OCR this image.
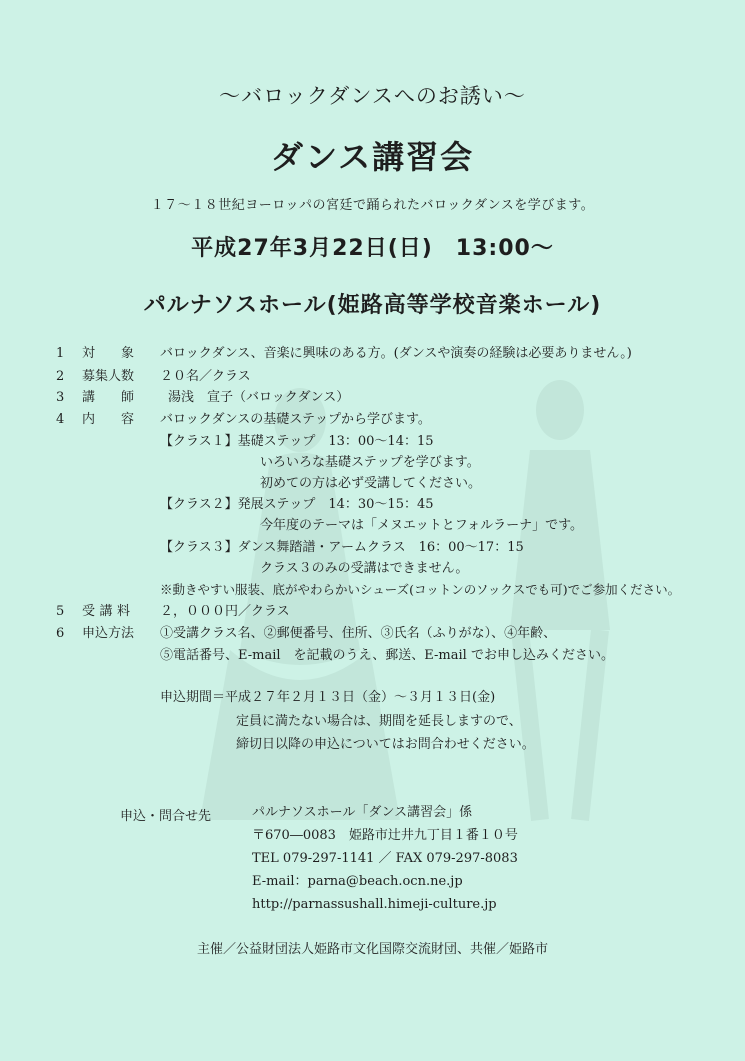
～バロックダンスへのお誘い～
ダンス講習会
１７～１８世紀ヨーロッパの宮廷で踊られたバロックダンスを学びます。
平成27年3月22日(日)　13:00～
パルナソスホール(姫路高等学校音楽ホール)
1	対　　象 バロックダンス、音楽に興味のある方。(ダンスや演奏の経験は必要ありません。)
2	募集人数 ２０名／クラス
3	講　　師	湯浅　宣子（バロックダンス）
4	内　　容 バロックダンスの基礎ステップから学びます。
【クラス１】基礎ステップ　13：00～14：15
いろいろな基礎ステップを学びます。
初めての方は必ず受講してください。
【クラス２】発展ステップ　14：30～15：45
今年度のテーマは「メヌエットとフォルラーナ」です。
【クラス３】ダンス舞踏譜・アームクラス　16：00～17：15
クラス３のみの受講はできません。
※動きやすい服装、底がやわらかいシューズ(コットンのソックスでも可)でご参加ください。
5	受講料 ２，０００円／クラス
6	申込方法 ①受講クラス名、②郵便番号、住所、③氏名（ふりがな）、④年齢、
⑤電話番号、E-mail　を記載のうえ、郵送、E-mail でお申し込みください。
申込期間＝平成２７年２月１３日（金）～３月１３日(金)
定員に満たない場合は、期間を延長しますので、
締切日以降の申込についてはお問合わせください。
申込・問合せ先	パルナソスホール「ダンス講習会」係
〒670―0083　姫路市辻井九丁目１番１０号
TEL 079-297-1141 ／ FAX 079-297-8083
E-mail：parna@beach.ocn.ne.jp
http://parnassushall.himeji-culture.jp
主催／公益財団法人姫路市文化国際交流財団、共催／姫路市
